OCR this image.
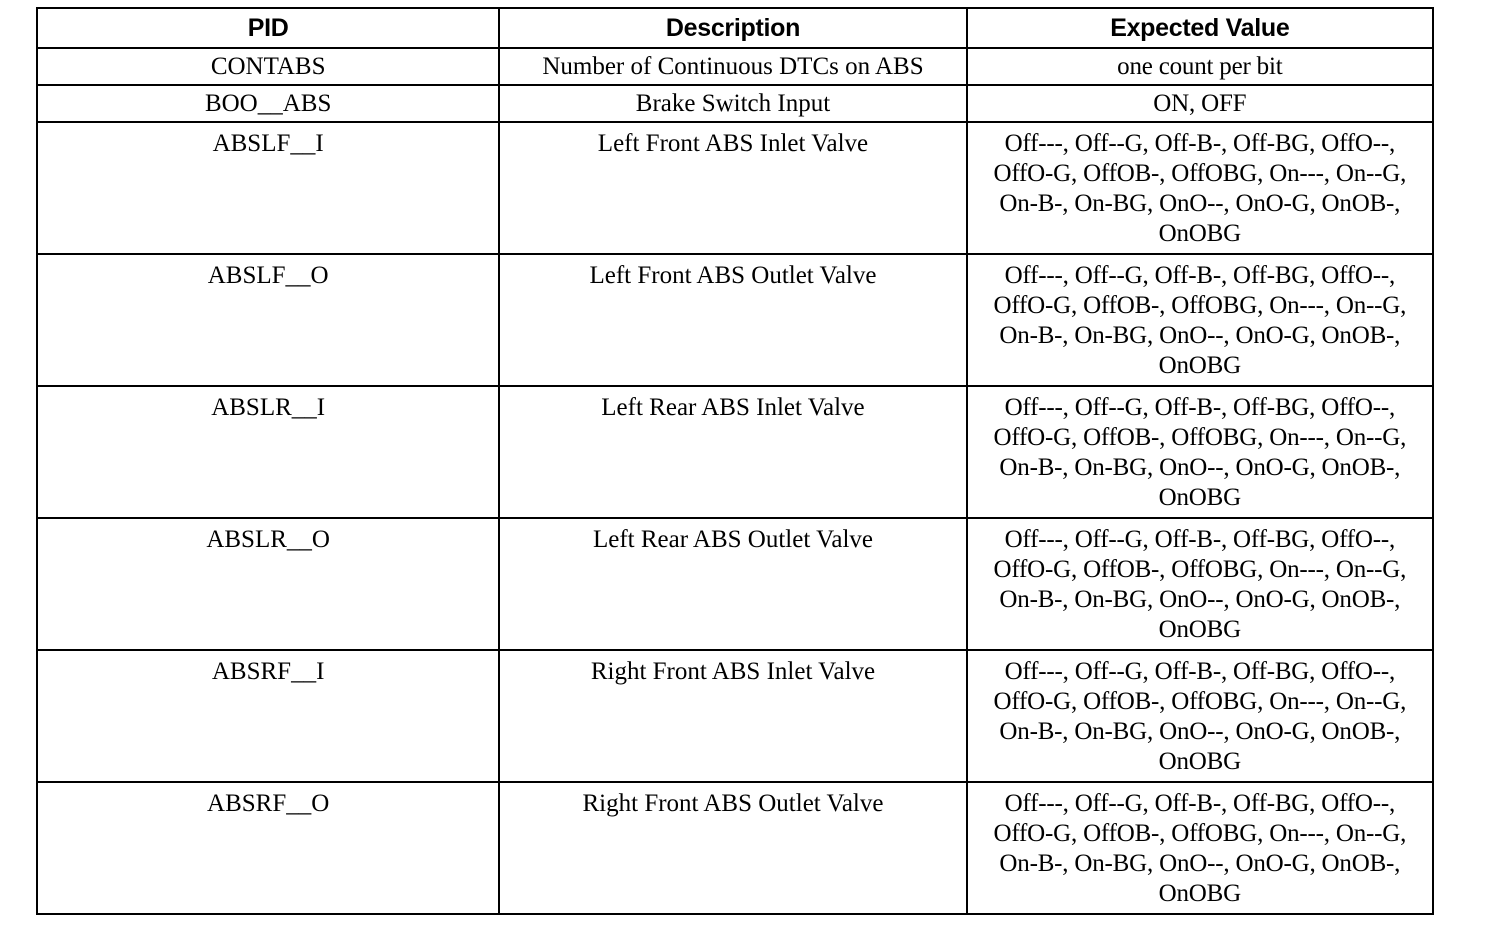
PID	Description	Expected Value
CONTABS	Number of Continuous DTCs on ABS	one count per bit
BOO__ABS	Brake Switch Input	ON, OFF
ABSLF__I	Left Front ABS Inlet Valve	Off---, Off--G, Off-B-, Off-BG, OffO--, OffO-G, OffOB-, OffOBG, On---, On--G, On-B-, On-BG, OnO--, OnO-G, OnOB-, OnOBG
ABSLF__O	Left Front ABS Outlet Valve	Off---, Off--G, Off-B-, Off-BG, OffO--, OffO-G, OffOB-, OffOBG, On---, On--G, On-B-, On-BG, OnO--, OnO-G, OnOB-, OnOBG
ABSLR__I	Left Rear ABS Inlet Valve	Off---, Off--G, Off-B-, Off-BG, OffO--, OffO-G, OffOB-, OffOBG, On---, On--G, On-B-, On-BG, OnO--, OnO-G, OnOB-, OnOBG
ABSLR__O	Left Rear ABS Outlet Valve	Off---, Off--G, Off-B-, Off-BG, OffO--, OffO-G, OffOB-, OffOBG, On---, On--G, On-B-, On-BG, OnO--, OnO-G, OnOB-, OnOBG
ABSRF__I	Right Front ABS Inlet Valve	Off---, Off--G, Off-B-, Off-BG, OffO--, OffO-G, OffOB-, OffOBG, On---, On--G, On-B-, On-BG, OnO--, OnO-G, OnOB-, OnOBG
ABSRF__O	Right Front ABS Outlet Valve	Off---, Off--G, Off-B-, Off-BG, OffO--, OffO-G, OffOB-, OffOBG, On---, On--G, On-B-, On-BG, OnO--, OnO-G, OnOB-, OnOBG
